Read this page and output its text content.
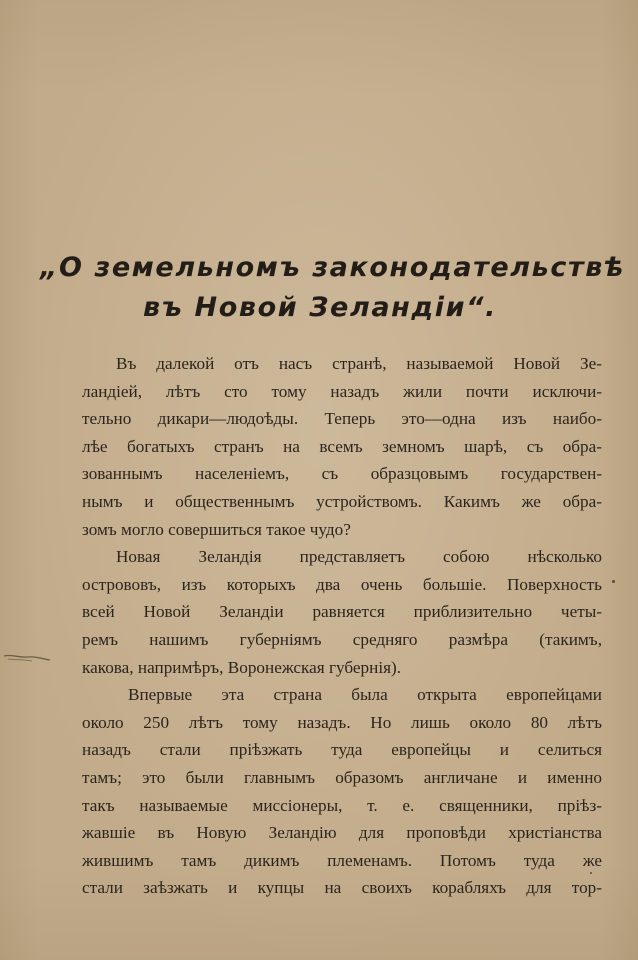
„О земельномъ законодательствѣ
въ Новой Зеландіи“.
Въ далекой отъ насъ странѣ, называемой Новой Зе-
ландіей, лѣтъ сто тому назадъ жили почти исключи-
тельно дикари—людоѣды. Теперь это—одна изъ наибо-
лѣе богатыхъ странъ на всемъ земномъ шарѣ, съ обра-
зованнымъ населеніемъ, съ образцовымъ государствен-
нымъ и общественнымъ устройствомъ. Какимъ же обра-
зомъ могло совершиться такое чудо?
Новая Зеландія представляетъ собою нѣсколько
острововъ, изъ которыхъ два очень большіе. Поверхность
всей Новой Зеландіи равняется приблизительно четы-
ремъ нашимъ губерніямъ средняго размѣра (такимъ,
какова, напримѣръ, Воронежская губернія).
Впервые эта страна была открыта европейцами
около 250 лѣтъ тому назадъ. Но лишь около 80 лѣтъ
назадъ стали пріѣзжать туда европейцы и селиться
тамъ; это были главнымъ образомъ англичане и именно
такъ называемые миссіонеры, т. е. священники, пріѣз-
жавшіе въ Новую Зеландію для проповѣди христіанства
жившимъ тамъ дикимъ племенамъ. Потомъ туда же
стали заѣзжать и купцы на своихъ корабляхъ для тор-
